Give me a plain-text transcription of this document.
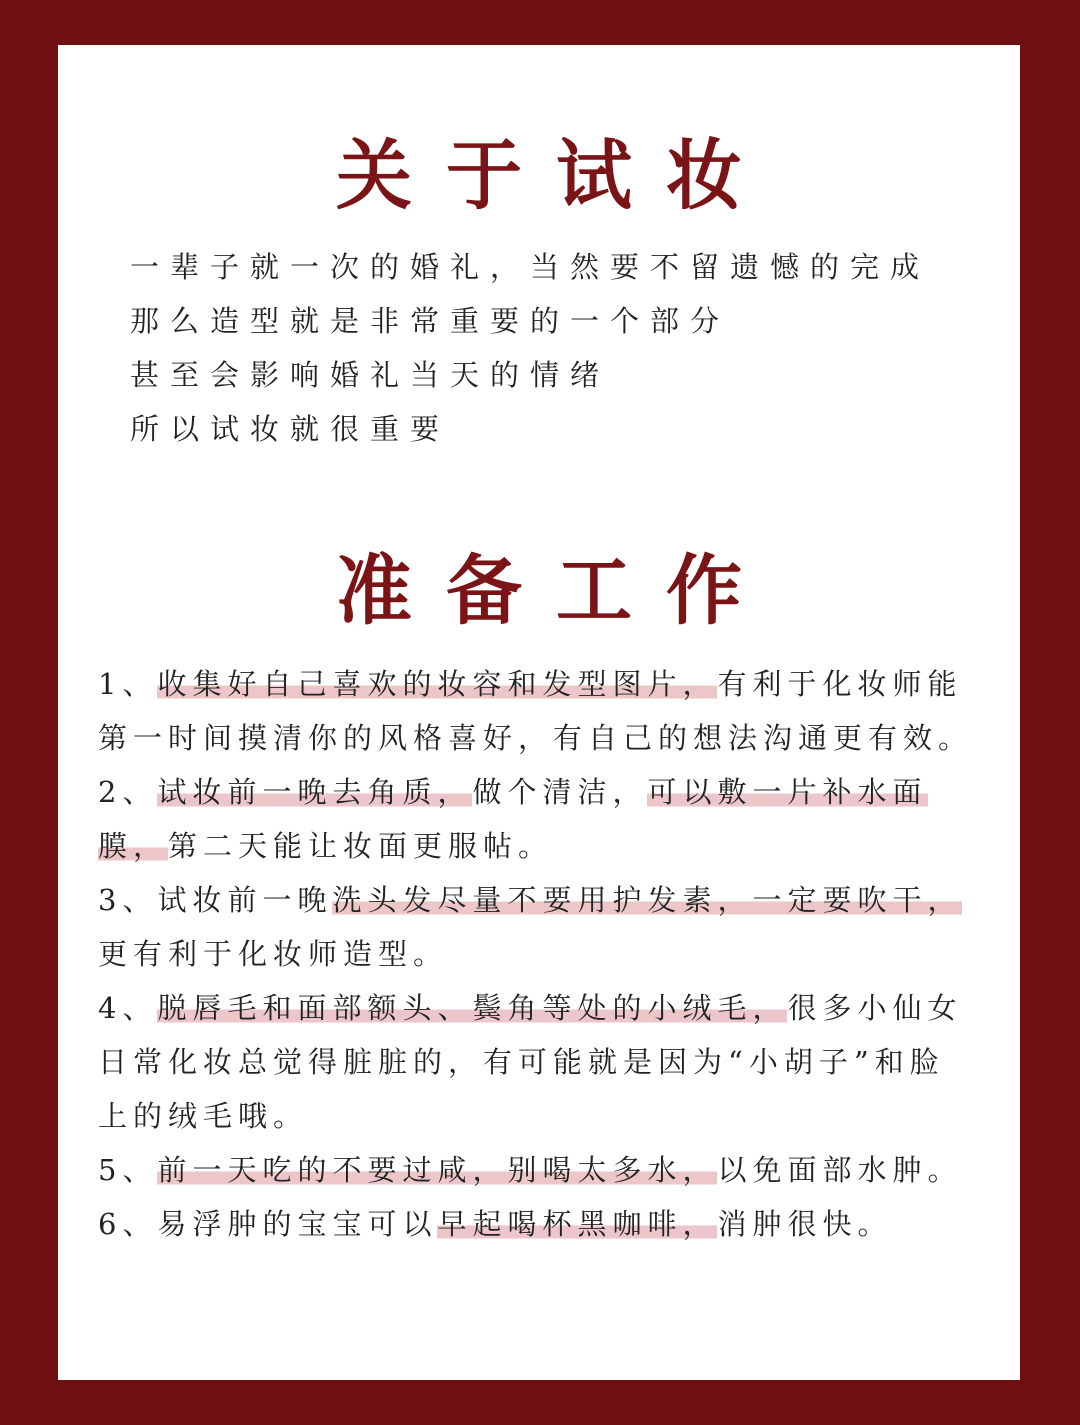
关于试妆
一辈子就一次的婚礼，当然要不留遗憾的完成
那么造型就是非常重要的一个部分
甚至会影响婚礼当天的情绪
所以试妆就很重要
准备工作

1、收集好自己喜欢的妆容和发型图片，有利于化妆师能第一时间摸清你的风格喜好，有自己的想法沟通更有效。

2、试妆前一晚去角质，做个清洁，可以敷一片补水面膜，第二天能让妆面更服帖。

3、试妆前一晚洗头发尽量不要用护发素，一定要吹干，更有利于化妆师造型。

4、脱唇毛和面部额头、鬓角等处的小绒毛，很多小仙女日常化妆总觉得脏脏的，有可能就是因为“小胡子”和脸上的绒毛哦。

5、前一天吃的不要过咸，别喝太多水，以免面部水肿。

6、易浮肿的宝宝可以早起喝杯黑咖啡，消肿很快。
